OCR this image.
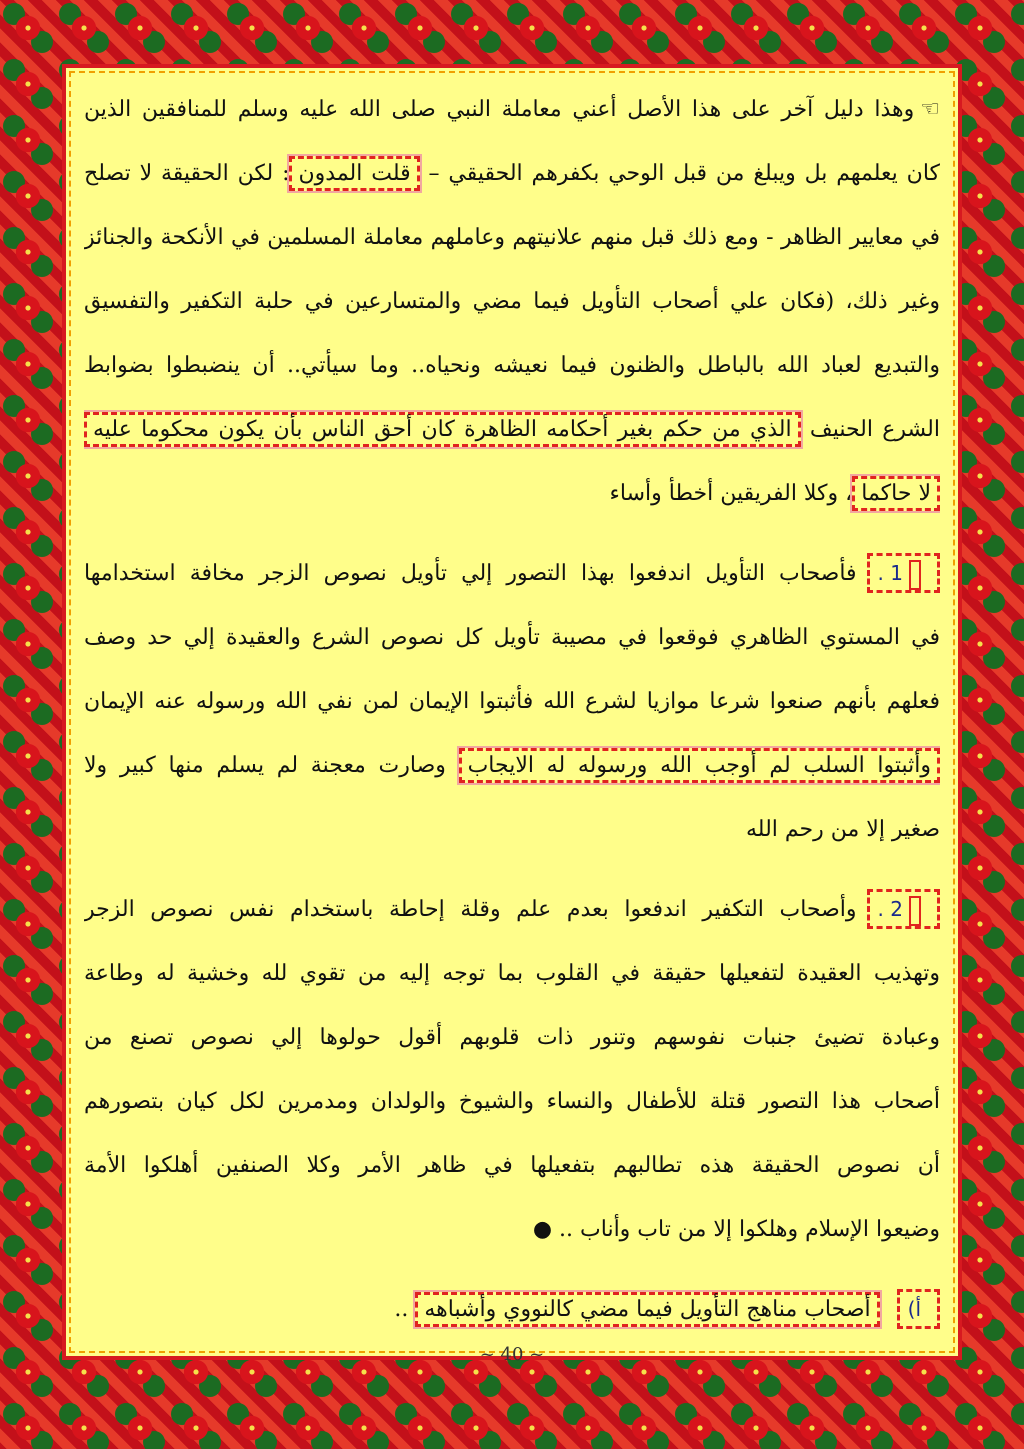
☜وهذا دليل آخر على هذا الأصل أعني معاملة النبي صلى الله عليه وسلم للمنافقين الذين
كان يعلمهم بل ويبلغ من قبل الوحي بكفرهم الحقيقي – قلت المدون: لكن الحقيقة لا تصلح
في معايير الظاهر - ومع ذلك قبل منهم علانيتهم وعاملهم معاملة المسلمين في الأنكحة والجنائز
وغير ذلك، (فكان علي أصحاب التأويل فيما مضي والمتسارعين في حلبة التكفير والتفسيق
والتبديع لعباد الله بالباطل والظنون فيما نعيشه ونحياه.. وما سيأتي.. أن ينضبطوا بضوابط
الشرع الحنيف الذي من حكم بغير أحكامه الظاهرة كان أحق الناس بأن يكون محكوما عليه
لا حاكما، وكلا الفريقين أخطأ وأساء
1 .فأصحاب التأويل اندفعوا بهذا التصور إلي تأويل نصوص الزجر مخافة استخدامها
في المستوي الظاهري فوقعوا في مصيبة تأويل كل نصوص الشرع والعقيدة إلي حد وصف
فعلهم بأنهم صنعوا شرعا موازيا لشرع الله فأثبتوا الإيمان لمن نفي الله ورسوله عنه الإيمان
وأثبتوا السلب لم أوجب الله ورسوله له الايجاب وصارت معجنة لم يسلم منها كبير ولا
صغير إلا من رحم الله
2 .وأصحاب التكفير اندفعوا بعدم علم وقلة إحاطة باستخدام نفس نصوص الزجر
وتهذيب العقيدة لتفعيلها حقيقة في القلوب بما توجه إليه من تقوي لله وخشية له وطاعة
وعبادة تضيئ جنبات نفوسهم وتنور ذات قلوبهم أقول حولوها إلي نصوص تصنع من
أصحاب هذا التصور قتلة للأطفال والنساء والشيوخ والولدان ومدمرين لكل كيان بتصورهم
أن نصوص الحقيقة هذه تطالبهم بتفعيلها في ظاهر الأمر وكلا الصنفين أهلكوا الأمة
وضيعوا الإسلام وهلكوا إلا من تاب وأناب .. ●
أ) أصحاب مناهج التأويل فيما مضي كالنووي وأشباهه ..
~ 40 ~
